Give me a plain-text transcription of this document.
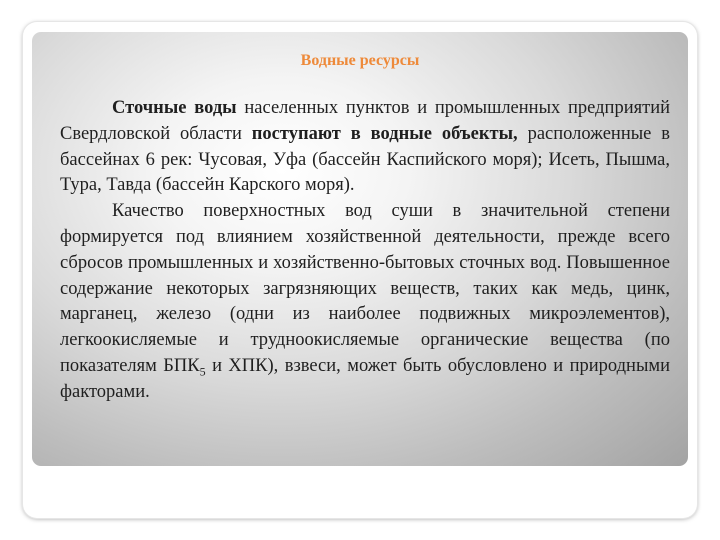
Водные ресурсы

Сточные воды населенных пунктов и промышленных предприятий Свердловской области поступают в водные объекты, расположенные в бассейнах 6 рек: Чусовая, Уфа (бассейн Каспийского моря); Исеть, Пышма, Тура, Тавда (бассейн Карского моря).

Качество поверхностных вод суши в значительной степени формируется под влиянием хозяйственной деятельности, прежде всего сбросов промышленных и хозяйственно-бытовых сточных вод. Повышенное содержание некоторых загрязняющих веществ, таких как медь, цинк, марганец, железо (одни из наиболее подвижных микроэлементов), легкоокисляемые и трудноокисляемые органические вещества (по показателям $БПК_5$ и ХПК), взвеси, может быть обусловлено и природными факторами.
